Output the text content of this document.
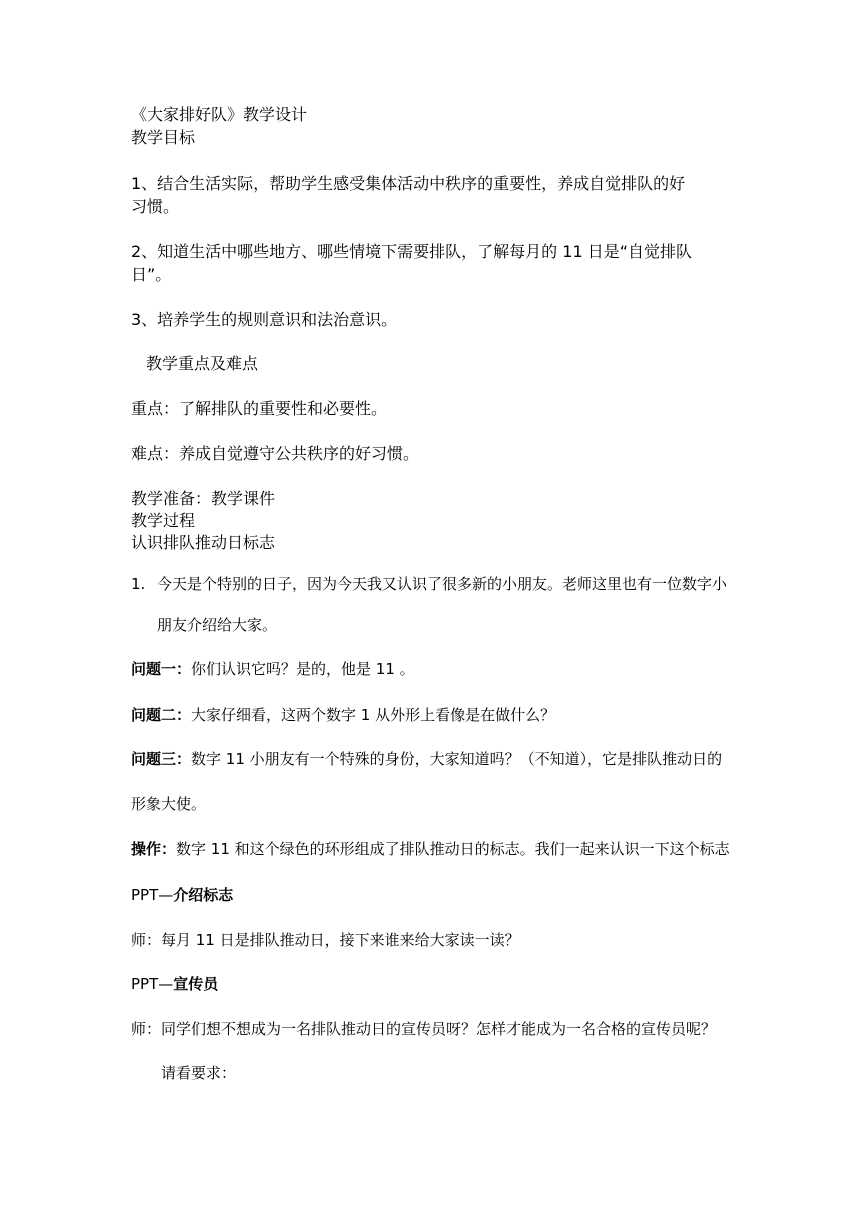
《大家排好队》教学设计
教学目标
1、结合生活实际，帮助学生感受集体活动中秩序的重要性，养成自觉排队的好
习惯。
2、知道生活中哪些地方、哪些情境下需要排队，了解每月的 11 日是“自觉排队
日”。
3、培养学生的规则意识和法治意识。
教学重点及难点
重点：了解排队的重要性和必要性。
难点：养成自觉遵守公共秩序的好习惯。
教学准备：教学课件
教学过程
认识排队推动日标志
1. 今天是个特别的日子，因为今天我又认识了很多新的小朋友。老师这里也有一位数字小
朋友介绍给大家。
问题一：你们认识它吗？是的，他是 11 。
问题二：大家仔细看，这两个数字 1 从外形上看像是在做什么？
问题三：数字 11 小朋友有一个特殊的身份，大家知道吗？（不知道），它是排队推动日的
形象大使。
操作：数字 11 和这个绿色的环形组成了排队推动日的标志。我们一起来认识一下这个标志
PPT—介绍标志
师：每月 11 日是排队推动日，接下来谁来给大家读一读？
PPT—宣传员
师：同学们想不想成为一名排队推动日的宣传员呀？怎样才能成为一名合格的宣传员呢？
请看要求：
